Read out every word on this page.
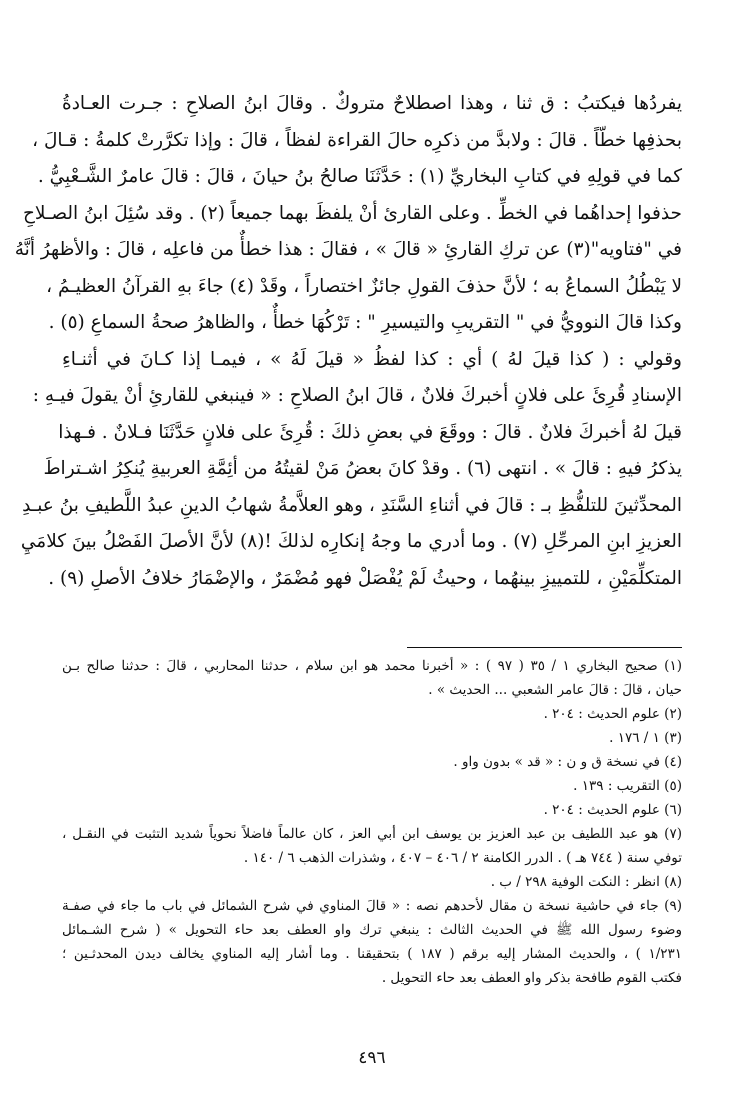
يفردُها فيكتبُ : ق ثنا ، وهذا اصطلاحٌ متروكٌ . وقالَ ابنُ الصلاحِ : جـرت العـادةُ
بحذفِها خطّاً . قالَ : ولابدَّ من ذكرِه حالَ القراءة لفظاً ، قالَ : وإذا تكرَّرتْ كلمةُ : قـالَ ،
كما في قولِهِ في كتابِ البخاريِّ (١) : حَدَّثَنَا صالحُ بنُ حيانَ ، قالَ : قالَ عامرٌ الشَّـعْبِيُّ .
حذفوا إحداهُما في الخطِّ . وعلى القارئ أنْ يلفظَ بهما جميعاً (٢) . وقد سُئِلَ ابنُ الصـلاحِ
في "فتاويه"(٣) عن تركِ القارئِ « قالَ » ، فقالَ : هذا خطأٌ من فاعلِه ، قالَ : والأظهرُ أنَّهُ
لا يَبْطُلُ السماعُ به ؛ لأنَّ حذفَ القولِ جائزٌ اختصاراً ، وقَدْ (٤) جاءَ بهِ القرآنُ العظيـمُ ،
وكذا قالَ النوويُّ في " التقريبِ والتيسيرِ " : تَرْكُهَا خطأٌ ، والظاهرُ صحةُ السماعِ (٥) .
وقولي : ( كذا قيلَ لهُ ) أي : كذا لفظُ « قيلَ لَهُ » ، فيمـا إذا كـانَ في أثنـاءِ
الإسنادِ قُرِئَ على فلانٍ أخبركَ فلانٌ ، قالَ ابنُ الصلاحِ : « فينبغي للقارئِ أنْ يقولَ فيـهِ :
قيلَ لهُ أخبركَ فلانٌ . قالَ : ووقَعَ في بعضِ ذلكَ : قُرِئَ على فلانٍ حَدَّثَنَا فـلانٌ . فـهذا
يذكرُ فيهِ : قالَ » . انتهى (٦) . وقدْ كانَ بعضُ مَنْ لقيتُهُ من أئِمَّةِ العربيةِ يُنكِرُ اشـتراطَ
المحدِّثينَ للتلفُّظِ بـ : قالَ في أثناءِ السَّنَدِ ، وهو العلاَّمةُ شهابُ الدينِ عبدُ اللَّطيفِ بنُ عبـدِ
العزيزِ ابنِ المرحِّلِ (٧) . وما أدري ما وجهُ إنكارِه لذلكَ !(٨) لأنَّ الأصلَ الفَصْلُ بينَ كلامَيِ
المتكلِّمَيْنِ ، للتمييزِ بينهُما ، وحيثُ لَمْ يُفْصَلْ فهو مُضْمَرٌ ، والإضْمَارُ خلافُ الأصلِ (٩) .
(١) صحيح البخاري ١ / ٣٥ ( ٩٧ ) : « أخبرنا محمد هو ابن سلام ، حدثنا المحاربي ، قالَ : حدثنا صالح بـن
حيان ، قالَ : قالَ عامر الشعبي ... الحديث » .
(٢) علوم الحديث : ٢٠٤ .
(٣) ١ / ١٧٦ .
(٤) في نسخة ق و ن : « قد » بدون واو .
(٥) التقريب : ١٣٩ .
(٦) علوم الحديث : ٢٠٤ .
(٧) هو عبد اللطيف بن عبد العزيز بن يوسف ابن أبي العز ، كان عالماً فاضلاً نحوياً شديد التثبت في النقـل ،
توفي سنة ( ٧٤٤ هـ ) . الدرر الكامنة ٢ / ٤٠٦ – ٤٠٧ ، وشذرات الذهب ٦ / ١٤٠ .
(٨) انظر : النكت الوفية ٢٩٨ / ب .
(٩) جاء في حاشية نسخة ن مقال لأحدهم نصه : « قالَ المناوي في شرح الشمائل في باب ما جاء في صفـة
وضوء رسول الله ﷺ في الحديث الثالث : ينبغي ترك واو العطف بعد حاء التحويل » ( شرح الشـمائل
١/٢٣١ ) ، والحديث المشار إليه برقم ( ١٨٧ ) بتحقيقنا . وما أشار إليه المناوي يخالف ديدن المحدثـين ؛
فكتب القوم طافحة بذكر واو العطف بعد حاء التحويل .
٤٩٦
